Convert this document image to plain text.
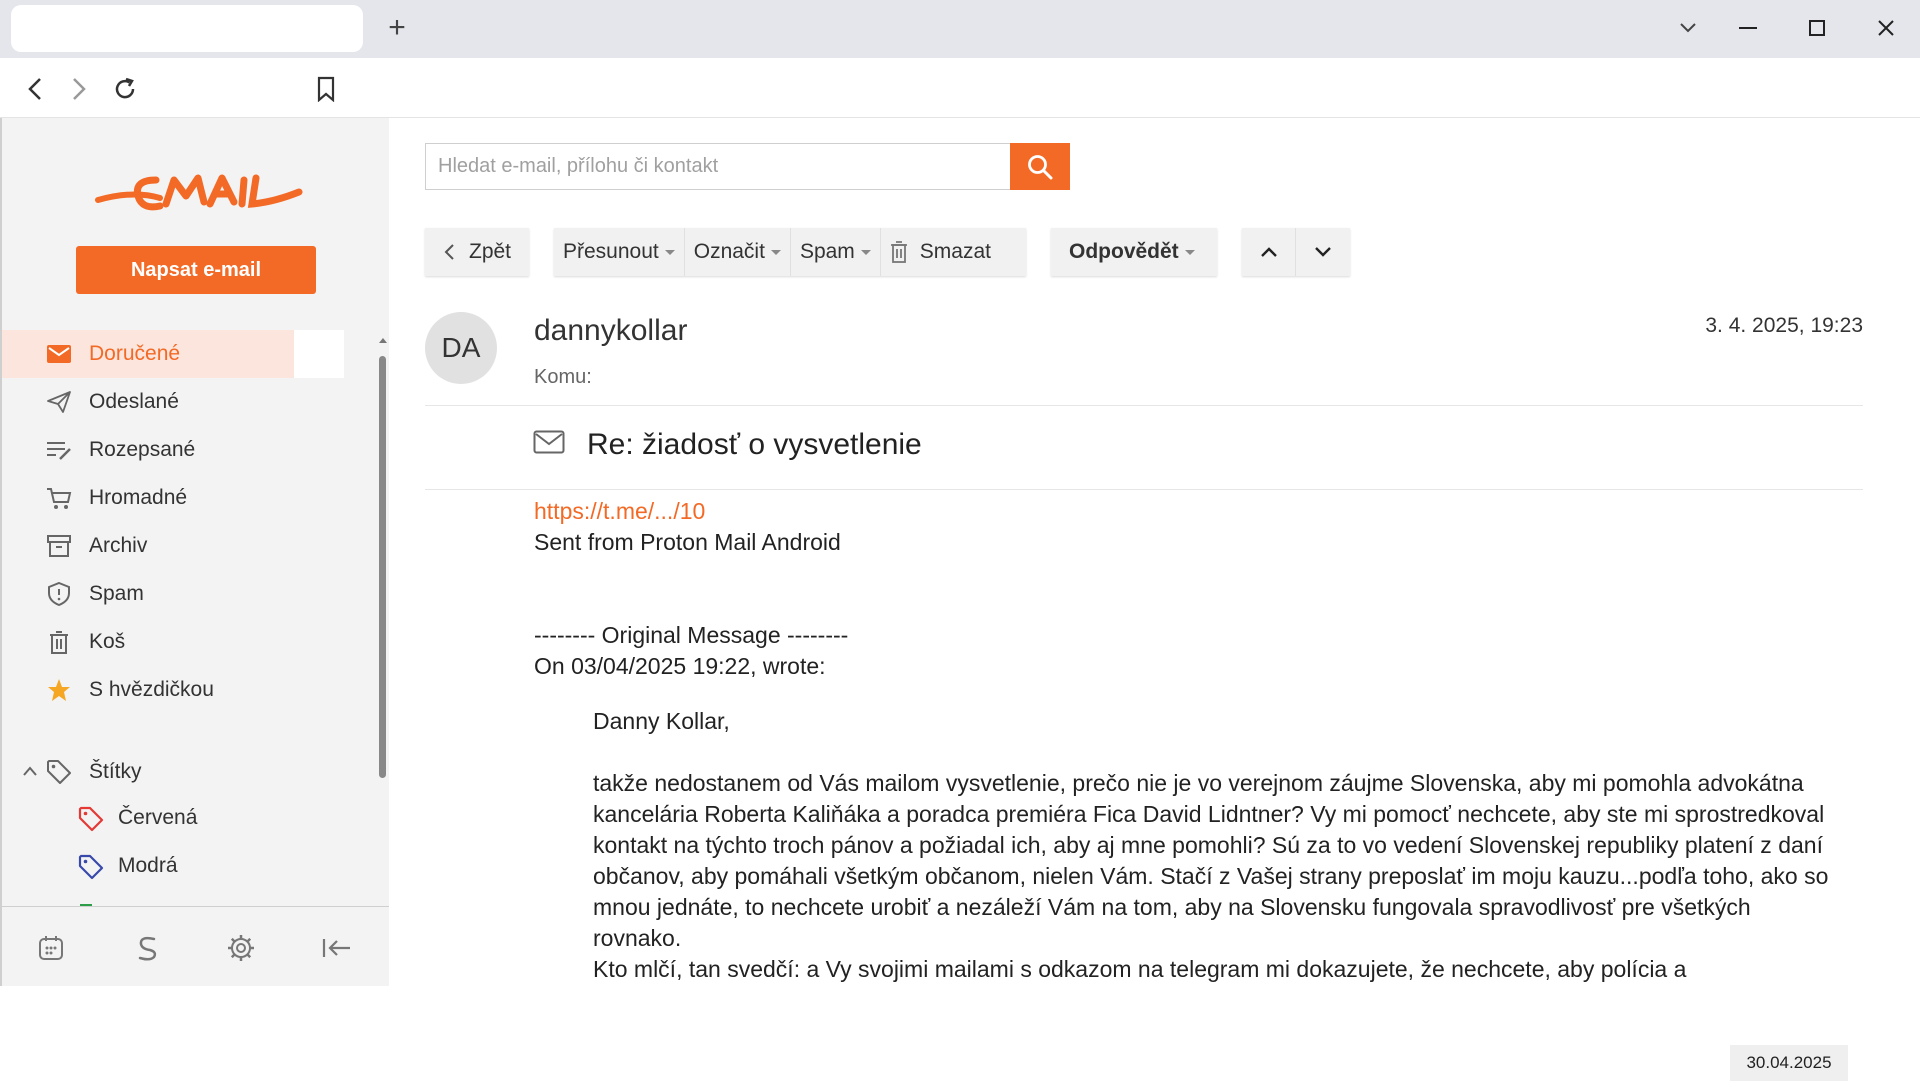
+
Napsat e-mail
Doručené
Odeslané
Rozepsané
Hromadné
Archiv
Spam
Koš
S hvězdičkou
Štítky
Červená
Modrá
Hledat e-mail, přílohu či kontakt
Zpět Přesunout Označit Spam	Smazat	Odpovědět
DA
dannykollar
Komu:
3. 4. 2025, 19:23
Re: žiadosť o vysvetlenie
https://t.me/.../10
Sent from Proton Mail Android

-------- Original Message --------
On 03/04/2025 19:22, wrote:

Danny Kollar,

takže nedostanem od Vás mailom vysvetlenie, prečo nie je vo verejnom záujme Slovenska, aby mi pomohla advokátna kancelária Roberta Kaliňáka a poradca premiéra Fica David Lidntner? Vy mi pomocť nechcete, aby ste mi sprostredkoval kontakt na týchto troch pánov a požiadal ich, aby aj mne pomohli? Sú za to vo vedení Slovenskej republiky platení z daní občanov, aby pomáhali všetkým občanom, nielen Vám. Stačí z Vašej strany preposlať im moju kauzu...podľa toho, ako so mnou jednáte, to nechcete urobiť a nezáleží Vám na tom, aby na Slovensku fungovala spravodlivosť pre všetkých rovnako.

Kto mlčí, tan svedčí: a Vy svojimi mailami s odkazom na telegram mi dokazujete, že nechcete, aby polícia a

30.04.2025
